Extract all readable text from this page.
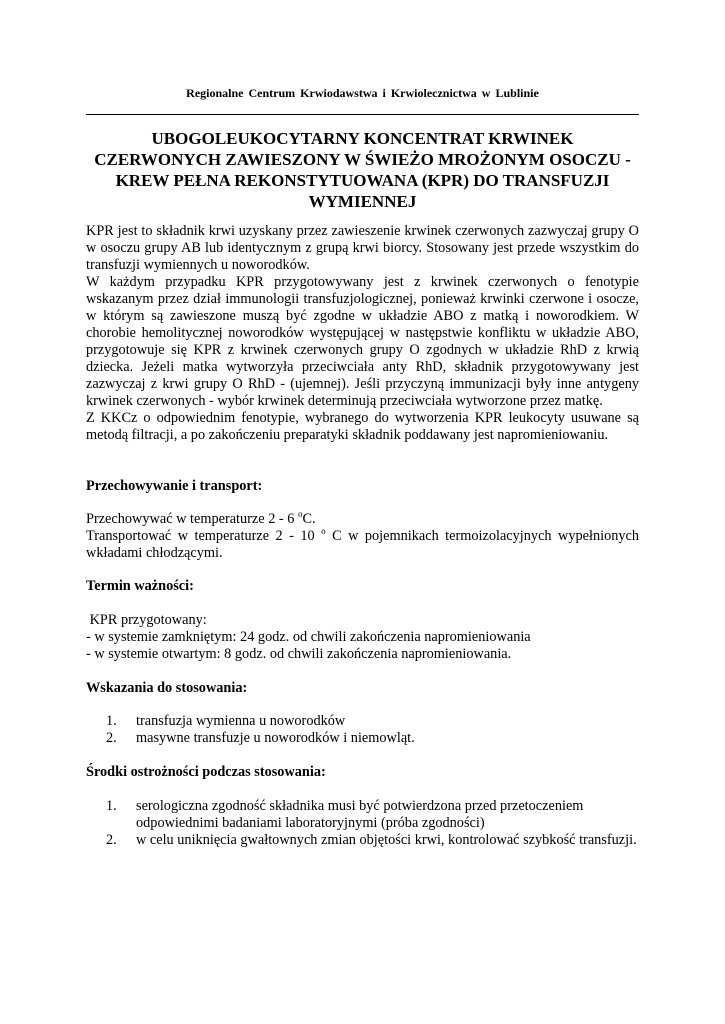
Regionalne Centrum Krwiodawstwa i Krwiolecznictwa w Lublinie
UBOGOLEUKOCYTARNY KONCENTRAT KRWINEK CZERWONYCH ZAWIESZONY W ŚWIEŻO MROŻONYM OSOCZU - KREW PEŁNA REKONSTYTUOWANA (KPR) DO TRANSFUZJI WYMIENNEJ

KPR jest to składnik krwi uzyskany przez zawieszenie krwinek czerwonych zazwyczaj grupy O w osoczu grupy AB lub identycznym z grupą krwi biorcy. Stosowany jest przede wszystkim do transfuzji wymiennych u noworodków.

W każdym przypadku KPR przygotowywany jest z krwinek czerwonych o fenotypie wskazanym przez dział immunologii transfuzjologicznej, ponieważ krwinki czerwone i osocze, w którym są zawieszone muszą być zgodne w układzie ABO z matką i noworodkiem. W chorobie hemolitycznej noworodków występującej w następstwie konfliktu w układzie ABO, przygotowuje się KPR z krwinek czerwonych grupy O zgodnych w układzie RhD z krwią dziecka. Jeżeli matka wytworzyła przeciwciała anty RhD, składnik przygotowywany jest zazwyczaj z krwi grupy O RhD - (ujemnej). Jeśli przyczyną immunizacji były inne antygeny krwinek czerwonych - wybór krwinek determinują przeciwciała wytworzone przez matkę.

Z KKCz o odpowiednim fenotypie, wybranego do wytworzenia KPR leukocyty usuwane są metodą filtracji, a po zakończeniu preparatyki składnik poddawany jest napromieniowaniu.

Przechowywanie i transport:

Przechowywać w temperaturze 2 - 6 $^o$C.

Transportować w temperaturze 2 - 10 $^o$ C w pojemnikach termoizolacyjnych wypełnionych wkładami chłodzącymi.

Termin ważności:

KPR przygotowany:

- w systemie zamkniętym: 24 godz. od chwili zakończenia napromieniowania

- w systemie otwartym: 8 godz. od chwili zakończenia napromieniowania.

Wskazania do stosowania:

1.	transfuzja wymienna u noworodków
2.	masywne transfuzje u noworodków i niemowląt.

Środki ostrożności podczas stosowania:

1.	serologiczna zgodność składnika musi być potwierdzona przed przetoczeniem odpowiednimi badaniami laboratoryjnymi (próba zgodności)
2.	w celu uniknięcia gwałtownych zmian objętości krwi, kontrolować szybkość transfuzji.
